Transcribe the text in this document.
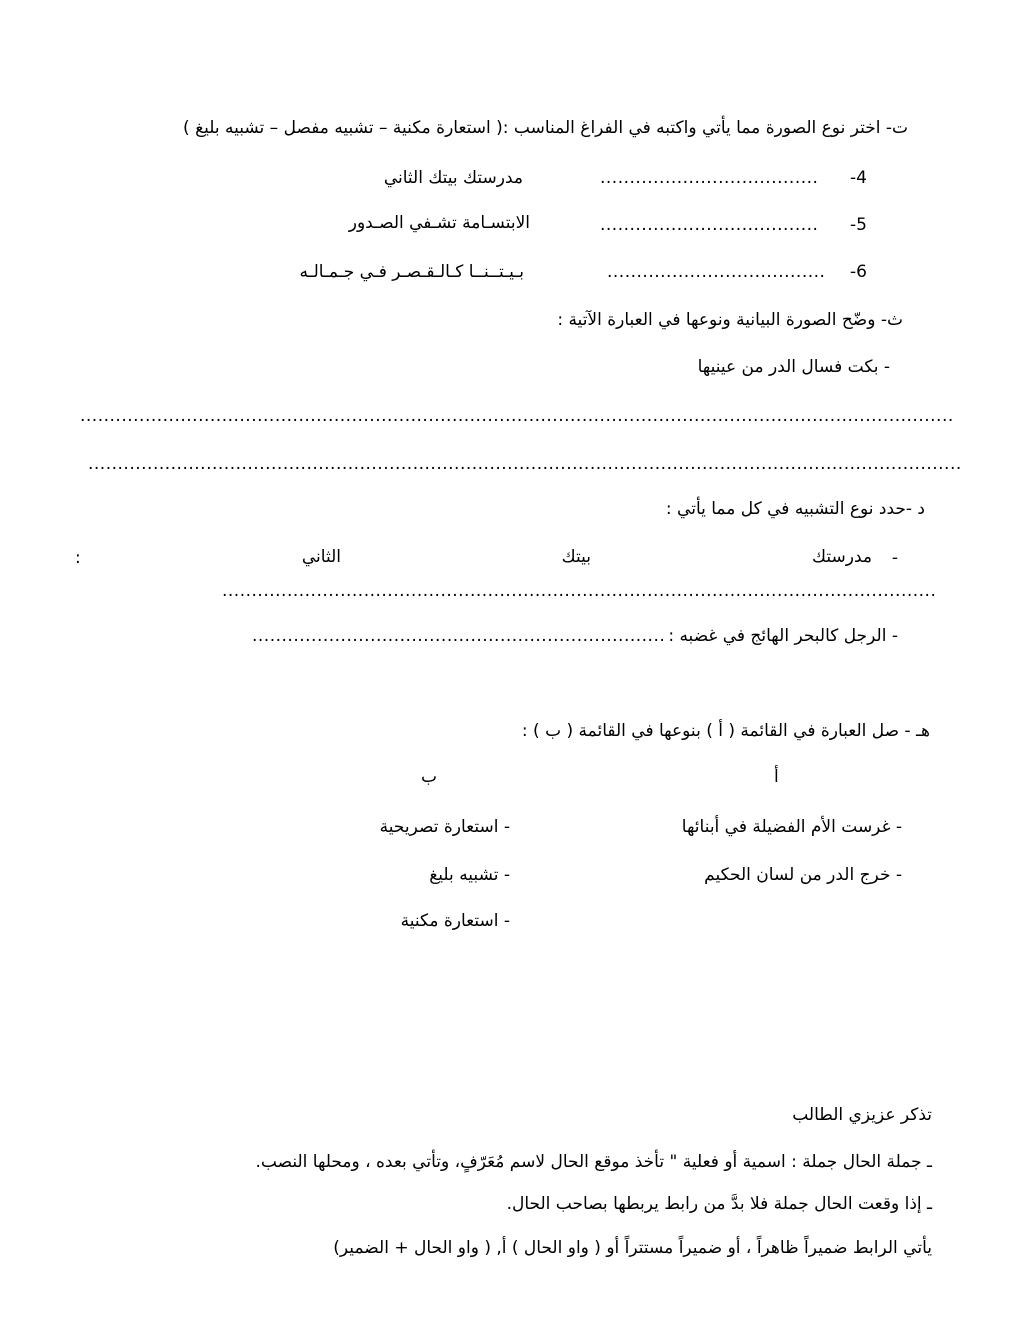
ت- اختر نوع الصورة مما يأتي واكتبه في الفراغ المناسب :( استعارة مكنية – تشبيه مفصل – تشبيه بليغ )
-4
.....................................
مدرستك بيتك الثاني
-5
.....................................
الابتسـامة تشـفي الصـدور
-6
.....................................
بـيـتــنــا كـالـقـصـر فـي جـمـالـه
ث- وضّح الصورة البيانية ونوعها في العبارة الآتية :
- بكت فسال الدر من عينيها
....................................................................................................................................................
....................................................................................................................................................
د -حدد نوع التشبيه في كل مما يأتي :
-
مدرستك
بيتك
الثاني
:
.........................................................................................................................
- الرجل كالبحر الهائج في غضبه :
......................................................................
هـ - صل العبارة في القائمة ( أ ) بنوعها في القائمة ( ب ) :
أ
ب
- غرست الأم الفضيلة في أبنائها
- خرج الدر من لسان الحكيم
- استعارة تصريحية
- تشبيه بليغ
- استعارة مكنية
تذكر عزيزي الطالب
ـ جملة الحال جملة : اسمية أو فعلية " تأخذ موقع الحال لاسم مُعَرّفٍ، وتأتي بعده ، ومحلها النصب.
ـ إذا وقعت الحال جملة فلا بدَّ من رابط يربطها بصاحب الحال.
يأتي الرابط ضميراً ظاهراً ، أو ضميراً مستتراً أو ( واو الحال ) أ, ( واو الحال + الضمير)
